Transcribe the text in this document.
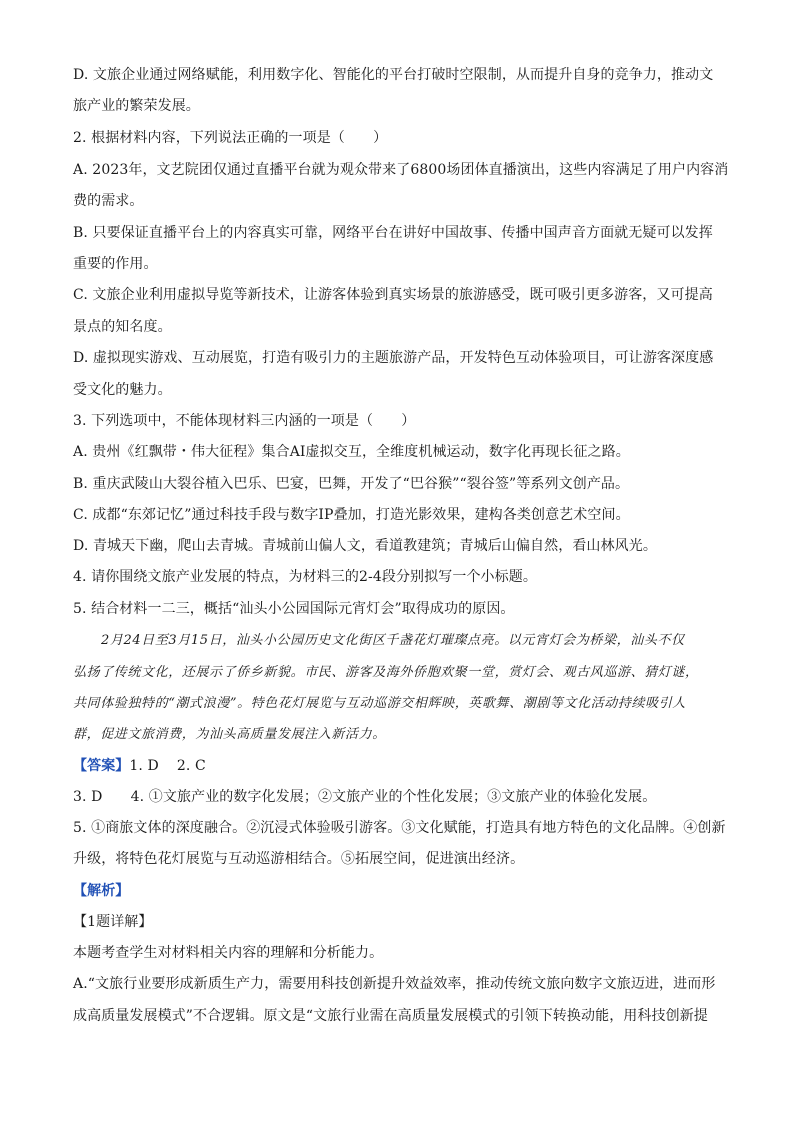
D. 文旅企业通过网络赋能，利用数字化、智能化的平台打破时空限制，从而提升自身的竞争力，推动文
旅产业的繁荣发展。
2. 根据材料内容，下列说法正确的一项是（　　）
A. 2023年，文艺院团仅通过直播平台就为观众带来了6800场团体直播演出，这些内容满足了用户内容消
费的需求。
B. 只要保证直播平台上的内容真实可靠，网络平台在讲好中国故事、传播中国声音方面就无疑可以发挥
重要的作用。
C. 文旅企业利用虚拟导览等新技术，让游客体验到真实场景的旅游感受，既可吸引更多游客，又可提高
景点的知名度。
D. 虚拟现实游戏、互动展览，打造有吸引力的主题旅游产品，开发特色互动体验项目，可让游客深度感
受文化的魅力。
3. 下列选项中，不能体现材料三内涵的一项是（　　）
A. 贵州《红飘带・伟大征程》集合AI虚拟交互，全维度机械运动，数字化再现长征之路。
B. 重庆武陵山大裂谷植入巴乐、巴宴，巴舞，开发了“巴谷猴”“裂谷签”等系列文创产品。
C. 成都“东郊记忆”通过科技手段与数字IP叠加，打造光影效果，建构各类创意艺术空间。
D. 青城天下幽，爬山去青城。青城前山偏人文，看道教建筑；青城后山偏自然，看山林风光。
4. 请你围绕文旅产业发展的特点，为材料三的2-4段分别拟写一个小标题。
5. 结合材料一二三，概括“汕头小公园国际元宵灯会”取得成功的原因。
2月24日至3月15日，汕头小公园历史文化街区千盏花灯璀璨点亮。以元宵灯会为桥梁，汕头不仅
弘扬了传统文化，还展示了侨乡新貌。市民、游客及海外侨胞欢聚一堂，赏灯会、观古风巡游、猜灯谜，
共同体验独特的“潮式浪漫”。特色花灯展览与互动巡游交相辉映，英歌舞、潮剧等文化活动持续吸引人
群，促进文旅消费，为汕头高质量发展注入新活力。
【答案】1. D 2. C
3. D　　4. ①文旅产业的数字化发展；②文旅产业的个性化发展；③文旅产业的体验化发展。
5. ①商旅文体的深度融合。②沉浸式体验吸引游客。③文化赋能，打造具有地方特色的文化品牌。④创新
升级，将特色花灯展览与互动巡游相结合。⑤拓展空间，促进演出经济。
【解析】
【1题详解】
本题考查学生对材料相关内容的理解和分析能力。
A.“文旅行业要形成新质生产力，需要用科技创新提升效益效率，推动传统文旅向数字文旅迈进，进而形
成高质量发展模式”不合逻辑。原文是“文旅行业需在高质量发展模式的引领下转换动能，用科技创新提
